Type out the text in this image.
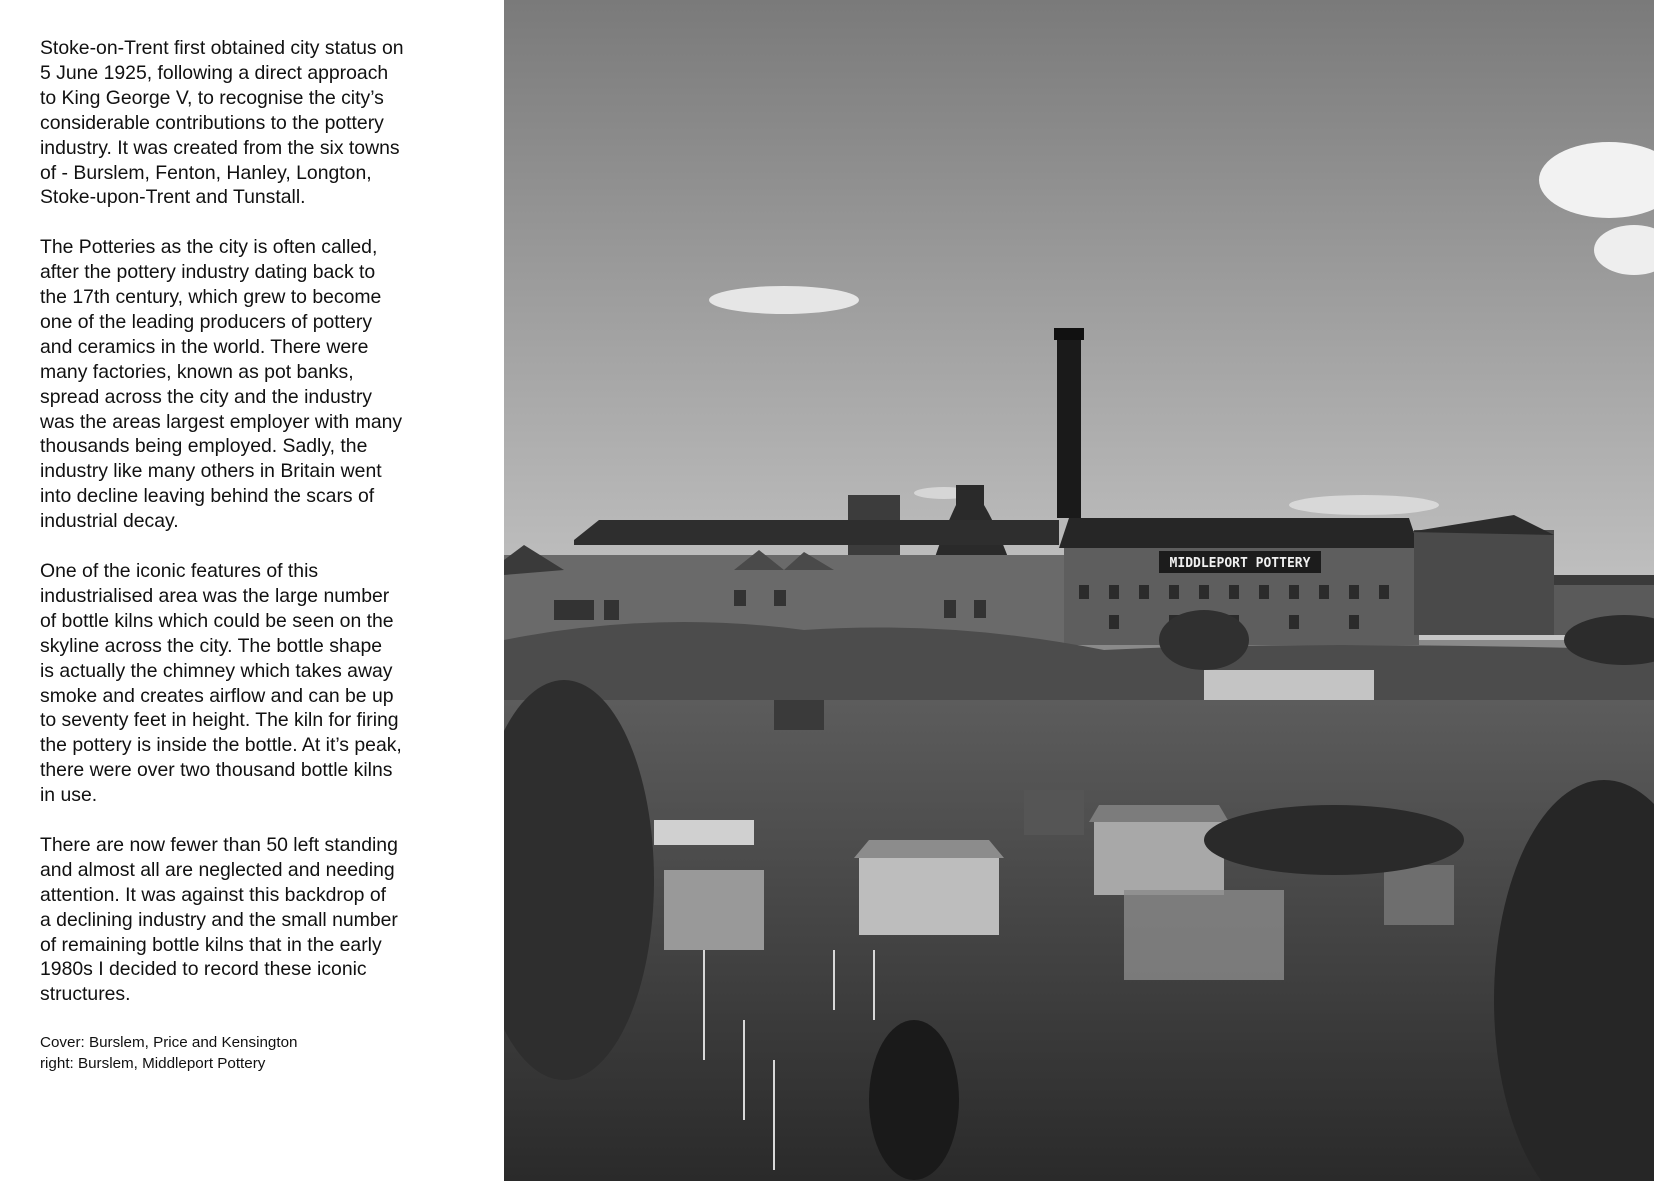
Stoke-on-Trent first obtained city status on
5 June 1925, following a direct approach
to King George V, to recognise the city’s
considerable contributions to the pottery
industry. It was created from the six towns
of - Burslem, Fenton, Hanley, Longton,
Stoke-upon-Trent and Tunstall.

The Potteries as the city is often called,
after the pottery industry dating back to
the 17th century, which grew to become
one of the leading producers of pottery
and ceramics in the world. There were
many factories, known as pot banks,
spread across the city and the industry
was the areas largest employer with many
thousands being employed. Sadly, the
industry like many others in Britain went
into decline leaving behind the scars of
industrial decay.

One of the iconic features of this
industrialised area was the large number
of bottle kilns which could be seen on the
skyline across the city. The bottle shape
is actually the chimney which takes away
smoke and creates airflow and can be up
to seventy feet in height. The kiln for firing
the pottery is inside the bottle. At it’s peak,
there were over two thousand bottle kilns
in use.

There are now fewer than 50 left standing
and almost all are neglected and needing
attention. It was against this backdrop of
a declining industry and the small number
of remaining bottle kilns that in the early
1980s I decided to record these iconic
structures.

Cover: Burslem, Price and Kensington
right: Burslem, Middleport Pottery
MIDDLEPORT POTTERY
